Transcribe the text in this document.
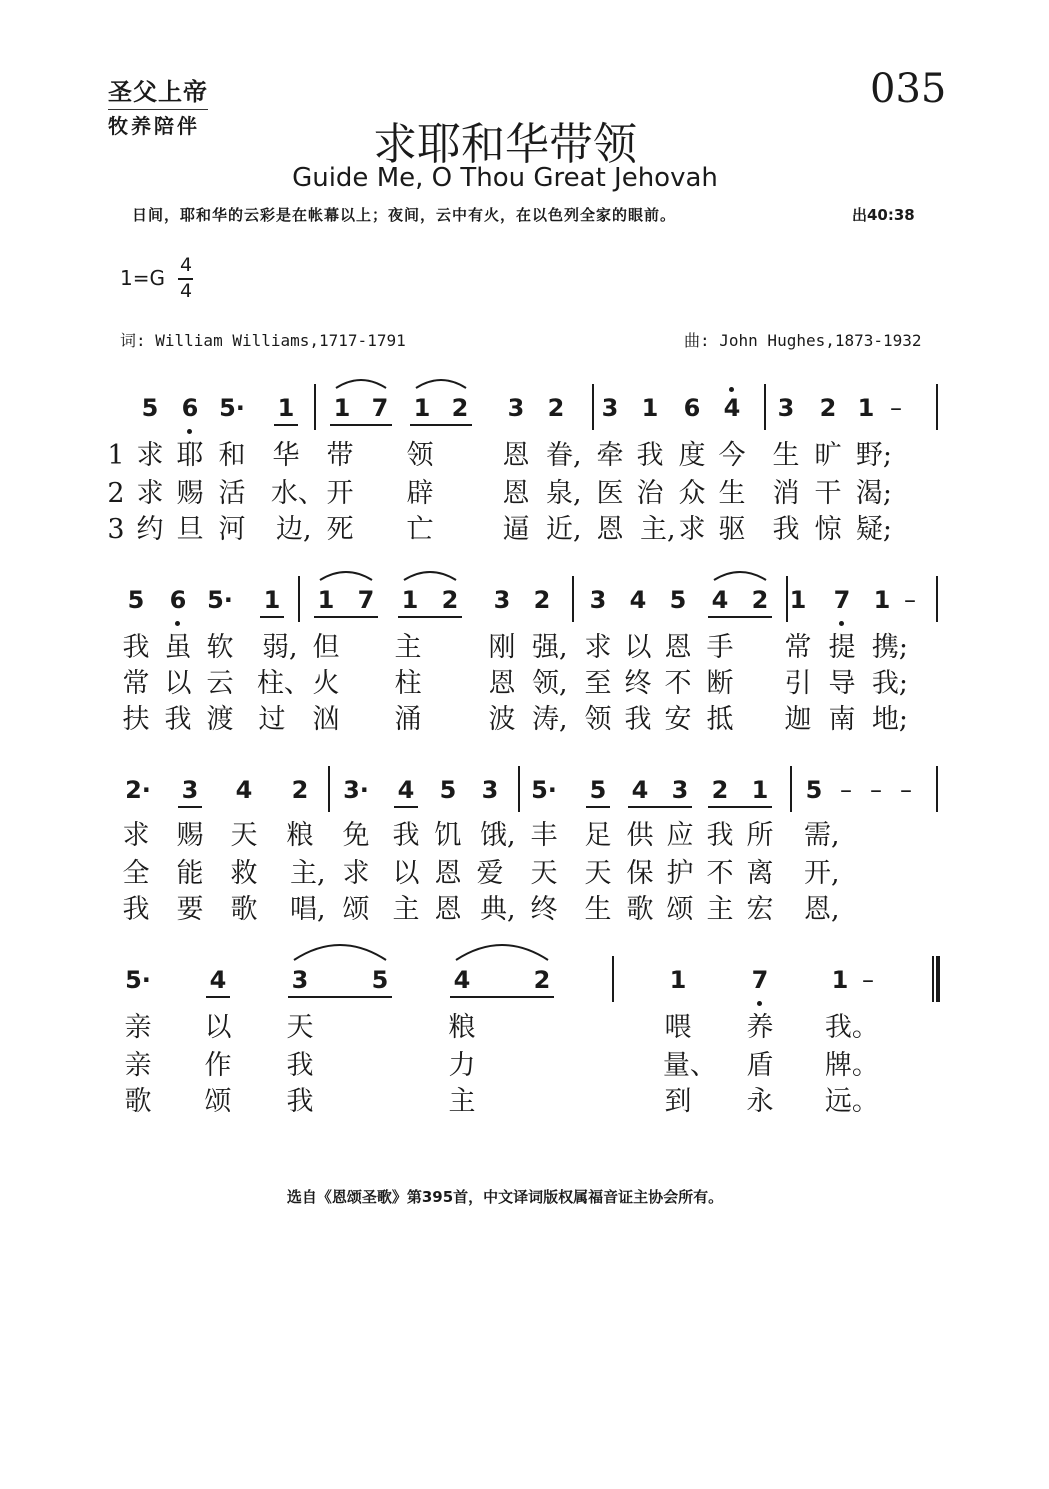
圣父上帝
牧养陪伴
035
求耶和华带领
Guide Me, O Thou Great Jehovah
日间，耶和华的云彩是在帐幕以上；夜间，云中有火，在以色列全家的眼前。	出40:38
1=G
4
4
词: William Williams,1717-1791	曲: John Hughes,1873-1932
5 6 5· 1 1 7 1 2 3 2 3 1 6 4 3 2 1 –
1 求 耶 和 华 带 领	恩 眷, 牵 我 度 今 生 旷 野;
2 求 赐 活 水、 开 辟	恩 泉, 医 治 众 生 消 干 渴;
3 约 旦 河 边, 死 亡	逼 近, 恩 主, 求 驱 我 惊 疑;
5 6 5· 1 1 7 1 2 3 2 3 4 5 4 2 1 7 1 –
我 虽 软 弱, 但 主 刚 强, 求 以 恩 手 常 提 携;
常 以 云 柱、 火 柱 恩 领, 至 终 不 断 引 导 我;
扶 我 渡 过 汹 涌 波 涛, 领 我 安 抵 迦 南 地;
2· 3 4 2 3· 4 5 3 5· 5 4 3 2 1 5 – – –
求 赐 天 粮 免 我 饥 饿, 丰 足 供 应 我 所 需,
全 能 救 主, 求 以 恩 爱 天 天 保 护 不 离 开,
我 要 歌 唱, 颂 主 恩 典, 终 生 歌 颂 主 宏 恩,
5· 4	3	5	4	2	1	7	1 –
亲 以 天	粮	喂 养 我。
亲 作 我	力	量、 盾 牌。
歌 颂 我	主	到 永 远。
选自《恩颂圣歌》第395首，中文译词版权属福音证主协会所有。
